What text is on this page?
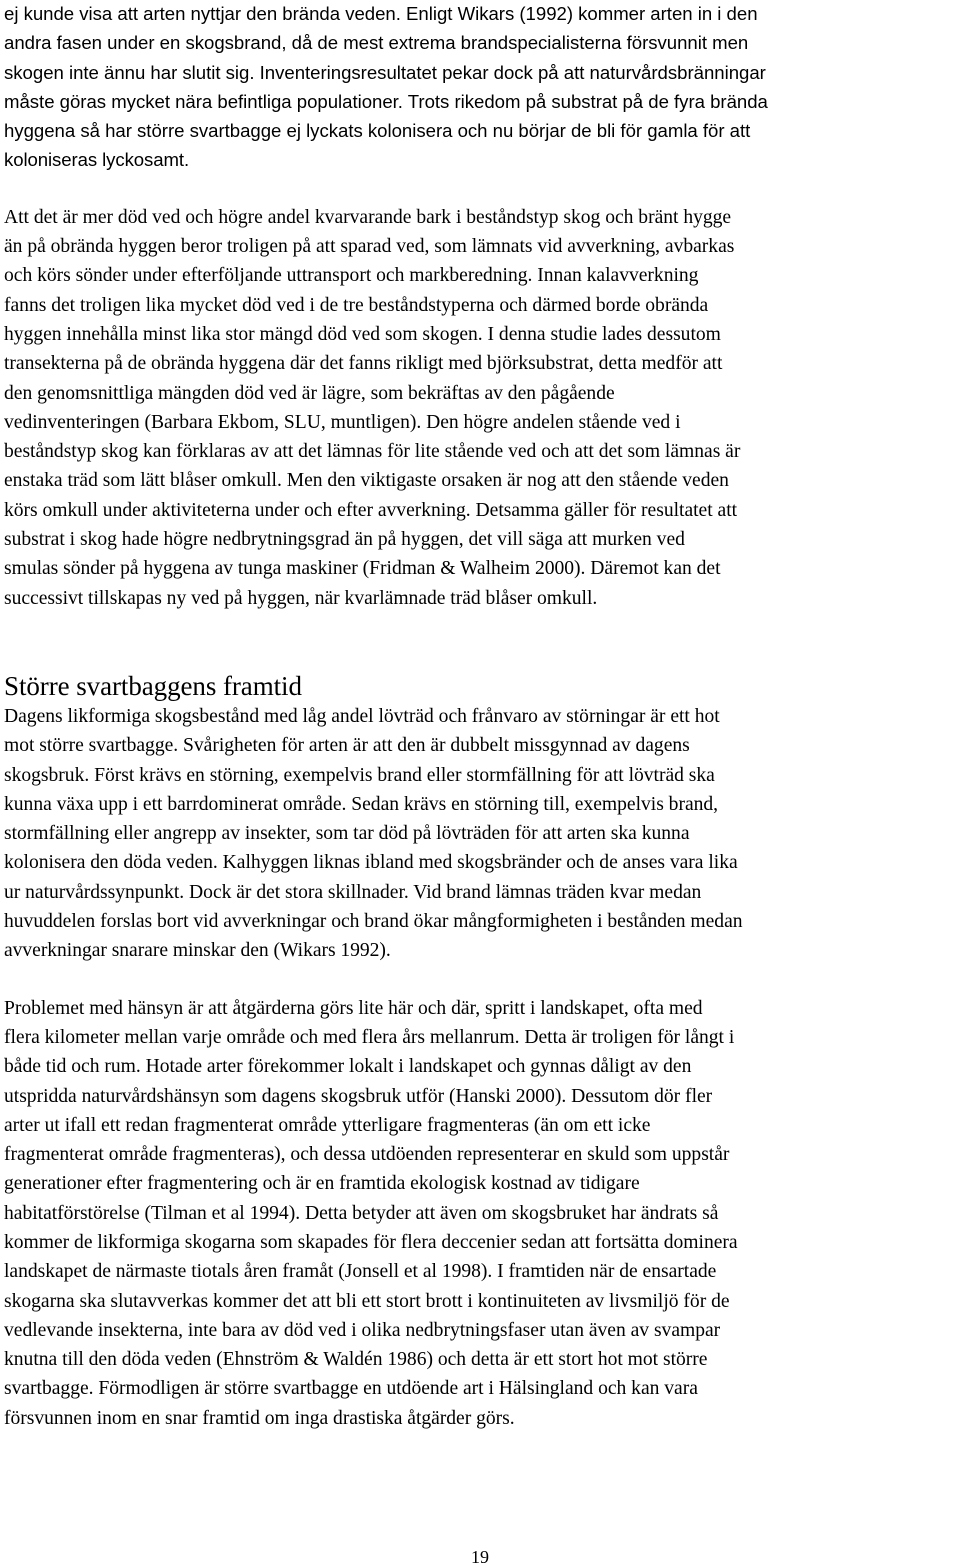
ej kunde visa att arten nyttjar den brända veden. Enligt Wikars (1992) kommer arten in i den
andra fasen under en skogsbrand, då de mest extrema brandspecialisterna försvunnit men
skogen inte ännu har slutit sig. Inventeringsresultatet pekar dock på att naturvårdsbränningar
måste göras mycket nära befintliga populationer. Trots rikedom på substrat på de fyra brända
hyggena så har större svartbagge ej lyckats kolonisera och nu börjar de bli för gamla för att
koloniseras lyckosamt.
Att det är mer död ved och högre andel kvarvarande bark i beståndstyp skog och bränt hygge
än på obrända hyggen beror troligen på att sparad ved, som lämnats vid avverkning, avbarkas
och körs sönder under efterföljande uttransport och markberedning. Innan kalavverkning
fanns det troligen lika mycket död ved i de tre beståndstyperna och därmed borde obrända
hyggen innehålla minst lika stor mängd död ved som skogen. I denna studie lades dessutom
transekterna på de obrända hyggena där det fanns rikligt med björksubstrat, detta medför att
den genomsnittliga mängden död ved är lägre, som bekräftas av den pågående
vedinventeringen (Barbara Ekbom, SLU, muntligen). Den högre andelen stående ved i
beståndstyp skog kan förklaras av att det lämnas för lite stående ved och att det som lämnas är
enstaka träd som lätt blåser omkull. Men den viktigaste orsaken är nog att den stående veden
körs omkull under aktiviteterna under och efter avverkning. Detsamma gäller för resultatet att
substrat i skog hade högre nedbrytningsgrad än på hyggen, det vill säga att murken ved
smulas sönder på hyggena av tunga maskiner (Fridman & Walheim 2000). Däremot kan det
successivt tillskapas ny ved på hyggen, när kvarlämnade träd blåser omkull.
Större svartbaggens framtid
Dagens likformiga skogsbestånd med låg andel lövträd och frånvaro av störningar är ett hot
mot större svartbagge. Svårigheten för arten är att den är dubbelt missgynnad av dagens
skogsbruk. Först krävs en störning, exempelvis brand eller stormfällning för att lövträd ska
kunna växa upp i ett barrdominerat område. Sedan krävs en störning till, exempelvis brand,
stormfällning eller angrepp av insekter, som tar död på lövträden för att arten ska kunna
kolonisera den döda veden. Kalhyggen liknas ibland med skogsbränder och de anses vara lika
ur naturvårdssynpunkt. Dock är det stora skillnader. Vid brand lämnas träden kvar medan
huvuddelen forslas bort vid avverkningar och brand ökar mångformigheten i bestånden medan
avverkningar snarare minskar den (Wikars 1992).
Problemet med hänsyn är att åtgärderna görs lite här och där, spritt i landskapet, ofta med
flera kilometer mellan varje område och med flera års mellanrum. Detta är troligen för långt i
både tid och rum. Hotade arter förekommer lokalt i landskapet och gynnas dåligt av den
utspridda naturvårdshänsyn som dagens skogsbruk utför (Hanski 2000). Dessutom dör fler
arter ut ifall ett redan fragmenterat område ytterligare fragmenteras (än om ett icke
fragmenterat område fragmenteras), och dessa utdöenden representerar en skuld som uppstår
generationer efter fragmentering och är en framtida ekologisk kostnad av tidigare
habitatförstörelse (Tilman et al 1994). Detta betyder att även om skogsbruket har ändrats så
kommer de likformiga skogarna som skapades för flera deccenier sedan att fortsätta dominera
landskapet de närmaste tiotals åren framåt (Jonsell et al 1998). I framtiden när de ensartade
skogarna ska slutavverkas kommer det att bli ett stort brott i kontinuiteten av livsmiljö för de
vedlevande insekterna, inte bara av död ved i olika nedbrytningsfaser utan även av svampar
knutna till den döda veden (Ehnström & Waldén 1986) och detta är ett stort hot mot större
svartbagge. Förmodligen är större svartbagge en utdöende art i Hälsingland och kan vara
försvunnen inom en snar framtid om inga drastiska åtgärder görs.
19
